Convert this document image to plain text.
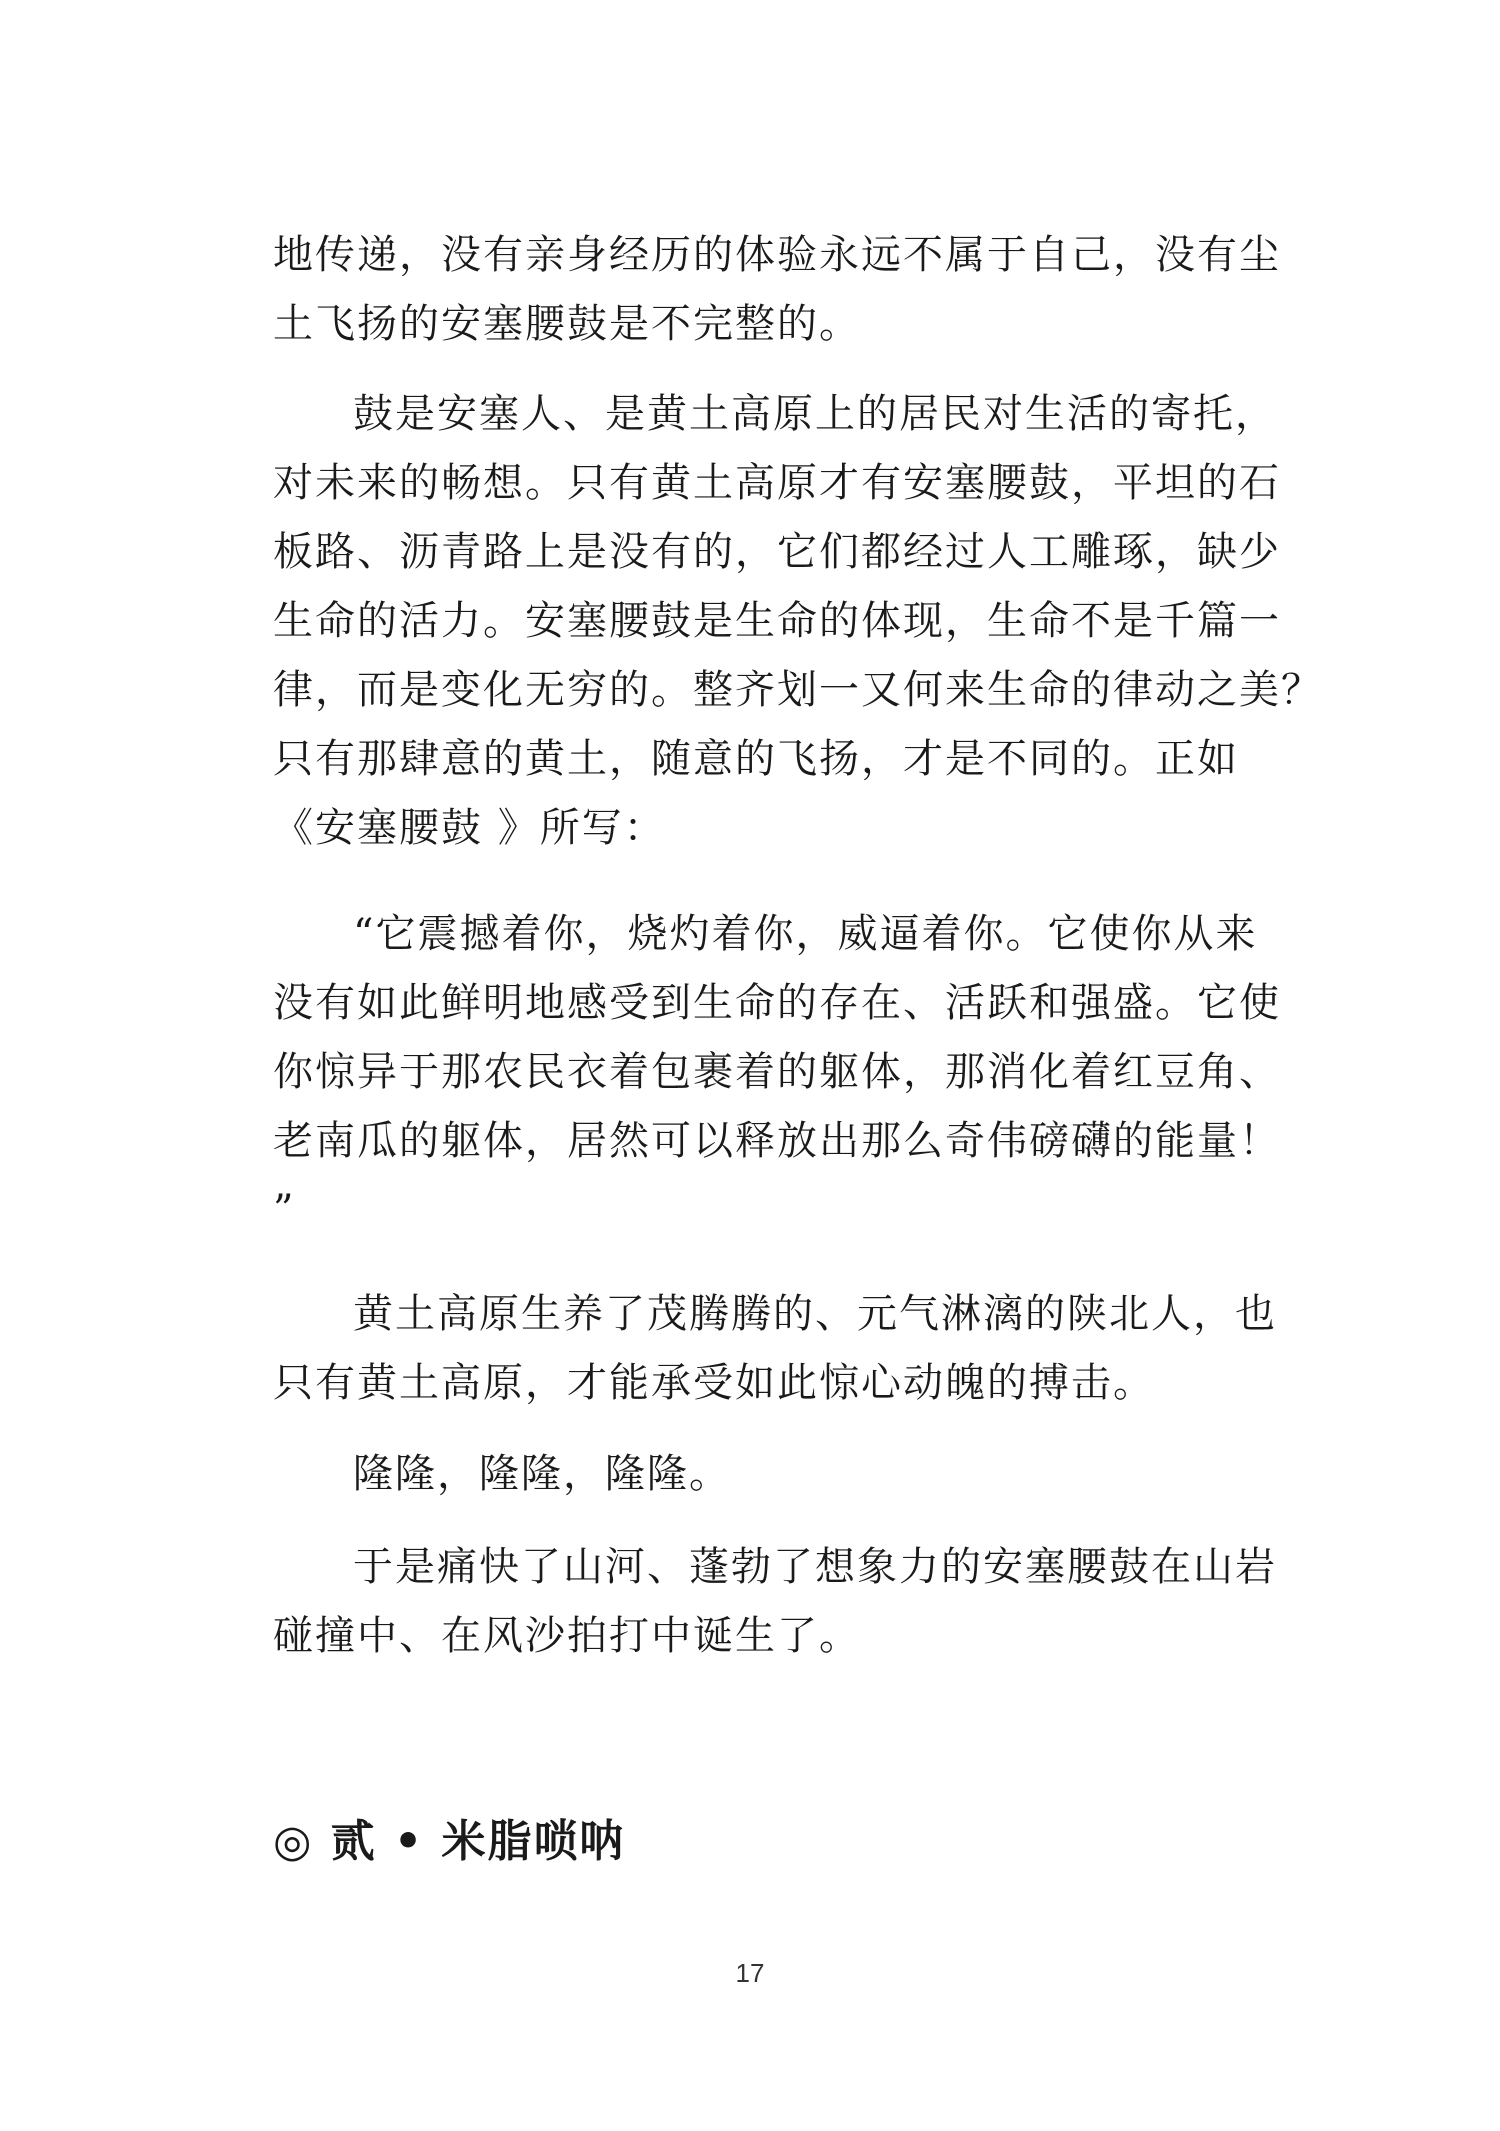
地传递，没有亲身经历的体验永远不属于自己，没有尘
土飞扬的安塞腰鼓是不完整的。

鼓是安塞人、是黄土高原上的居民对生活的寄托，
对未来的畅想。只有黄土高原才有安塞腰鼓，平坦的石
板路、沥青路上是没有的，它们都经过人工雕琢，缺少
生命的活力。安塞腰鼓是生命的体现，生命不是千篇一
律，而是变化无穷的。整齐划一又何来生命的律动之美？
只有那肆意的黄土，随意的飞扬，才是不同的。正如
《安塞腰鼓 》所写：

“它震撼着你，烧灼着你，威逼着你。它使你从来
没有如此鲜明地感受到生命的存在、活跃和强盛。它使
你惊异于那农民衣着包裹着的躯体，那消化着红豆角、
老南瓜的躯体，居然可以释放出那么奇伟磅礴的能量！
”

黄土高原生养了茂腾腾的、元气淋漓的陕北人，也
只有黄土高原，才能承受如此惊心动魄的搏击。

隆隆，隆隆，隆隆。

于是痛快了山河、蓬勃了想象力的安塞腰鼓在山岩
碰撞中、在风沙拍打中诞生了。

◎ 贰 • 米脂唢呐
17
